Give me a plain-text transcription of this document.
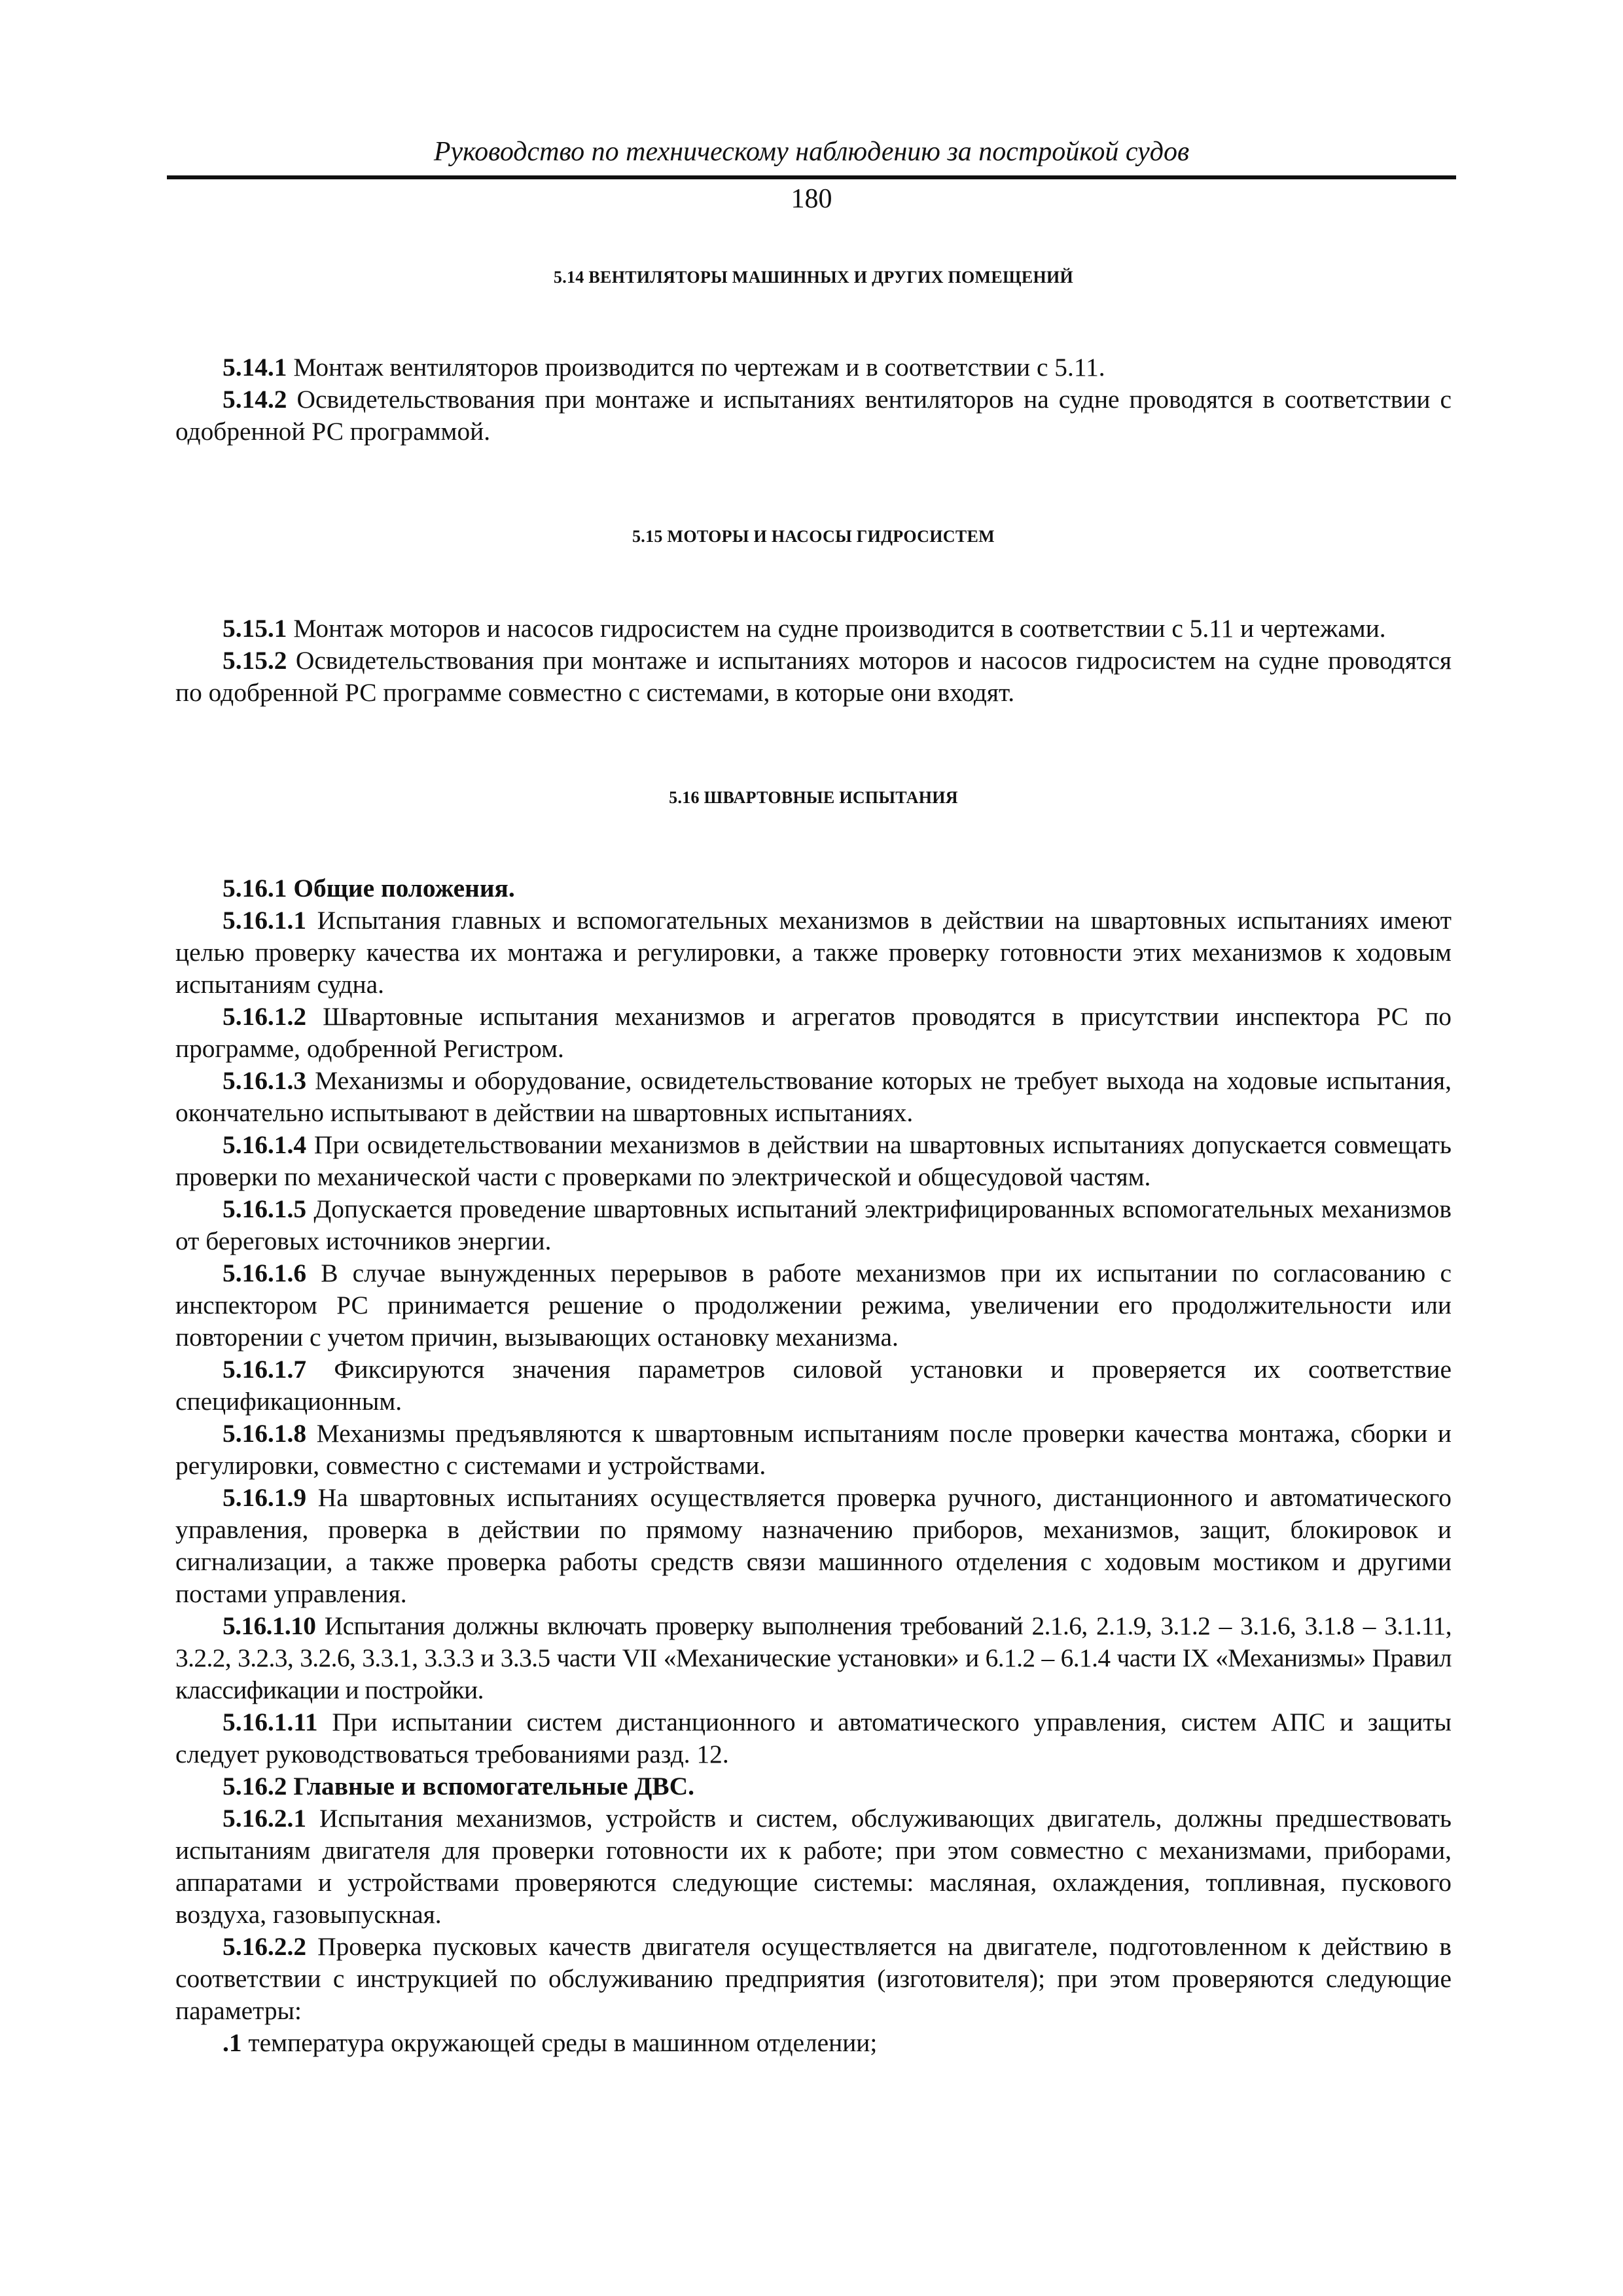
Руководство по техническому наблюдению за постройкой судов
180
5.14 ВЕНТИЛЯТОРЫ МАШИННЫХ И ДРУГИХ ПОМЕЩЕНИЙ

5.14.1 Монтаж вентиляторов производится по чертежам и в соответствии с 5.11.

5.14.2 Освидетельствования при монтаже и испытаниях вентиляторов на судне проводятся в соответствии с одобренной РС программой.

5.15 МОТОРЫ И НАСОСЫ ГИДРОСИСТЕМ

5.15.1 Монтаж моторов и насосов гидросистем на судне производится в соответствии с 5.11 и чертежами.

5.15.2 Освидетельствования при монтаже и испытаниях моторов и насосов гидросистем на судне проводятся по одобренной РС программе совместно с системами, в которые они входят.

5.16 ШВАРТОВНЫЕ ИСПЫТАНИЯ

5.16.1 Общие положения.

5.16.1.1 Испытания главных и вспомогательных механизмов в действии на швартовных испытаниях имеют целью проверку качества их монтажа и регулировки, а также проверку готовности этих механизмов к ходовым испытаниям судна.

5.16.1.2 Швартовные испытания механизмов и агрегатов проводятся в присутствии инспектора РС по программе, одобренной Регистром.

5.16.1.3 Механизмы и оборудование, освидетельствование которых не требует выхода на ходовые испытания, окончательно испытывают в действии на швартовных испытаниях.

5.16.1.4 При освидетельствовании механизмов в действии на швартовных испытаниях допускается совмещать проверки по механической части с проверками по электрической и общесудовой частям.

5.16.1.5 Допускается проведение швартовных испытаний электрифицированных вспомогательных механизмов от береговых источников энергии.

5.16.1.6 В случае вынужденных перерывов в работе механизмов при их испытании по согласованию с инспектором РС принимается решение о продолжении режима, увеличении его продолжительности или повторении с учетом причин, вызывающих остановку механизма.

5.16.1.7 Фиксируются значения параметров силовой установки и проверяется их соответствие спецификационным.

5.16.1.8 Механизмы предъявляются к швартовным испытаниям после проверки качества монтажа, сборки и регулировки, совместно с системами и устройствами.

5.16.1.9 На швартовных испытаниях осуществляется проверка ручного, дистанционного и автоматического управления, проверка в действии по прямому назначению приборов, механизмов, защит, блокировок и сигнализации, а также проверка работы средств связи машинного отделения с ходовым мостиком и другими постами управления.

5.16.1.10 Испытания должны включать проверку выполнения требований 2.1.6, 2.1.9, 3.1.2 – 3.1.6, 3.1.8 – 3.1.11, 3.2.2, 3.2.3, 3.2.6, 3.3.1, 3.3.3 и 3.3.5 части VII «Механические установки» и 6.1.2 – 6.1.4 части IX «Механизмы» Правил классификации и постройки.

5.16.1.11 При испытании систем дистанционного и автоматического управления, систем АПС и защиты следует руководствоваться требованиями разд. 12.

5.16.2 Главные и вспомогательные ДВС.

5.16.2.1 Испытания механизмов, устройств и систем, обслуживающих двигатель, должны предшествовать испытаниям двигателя для проверки готовности их к работе; при этом совместно с механизмами, приборами, аппаратами и устройствами проверяются следующие системы: масляная, охлаждения, топливная, пускового воздуха, газовыпускная.

5.16.2.2 Проверка пусковых качеств двигателя осуществляется на двигателе, подготовленном к действию в соответствии с инструкцией по обслуживанию предприятия (изготовителя); при этом проверяются следующие параметры:

.1 температура окружающей среды в машинном отделении;
